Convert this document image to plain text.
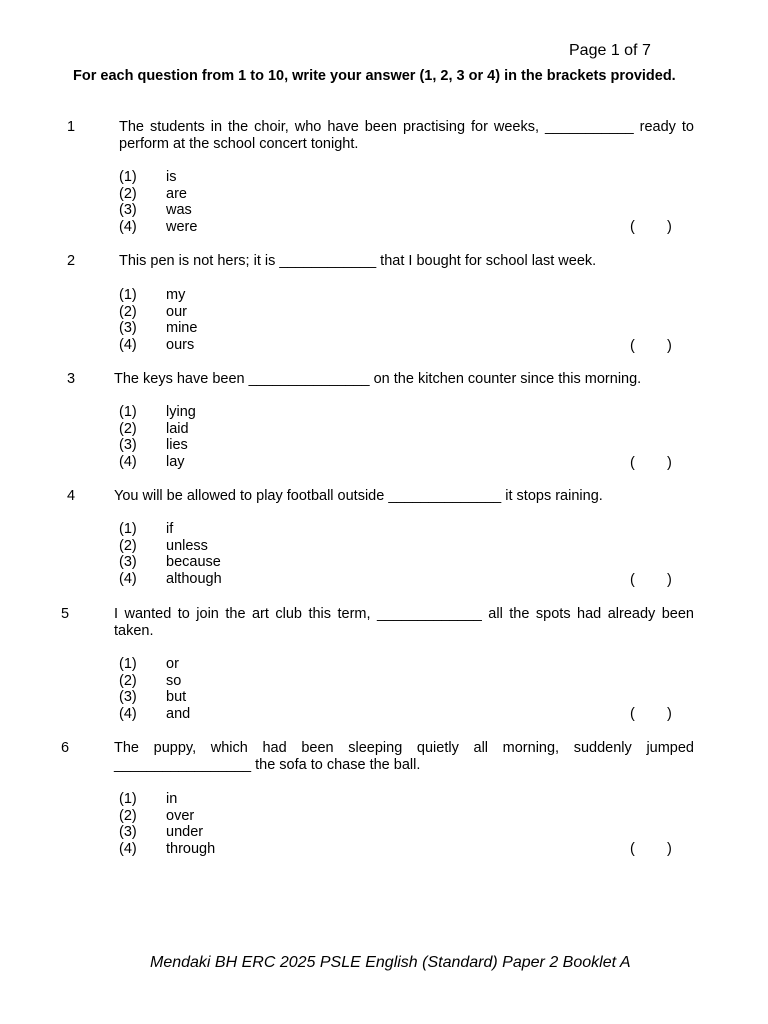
Page 1 of 7
For each question from 1 to 10, write your answer (1, 2, 3 or 4) in the brackets provided.
1	The students in the choir, who have been practising for weeks, ___________ ready to perform at the school concert tonight.
(1) is
(2) are
(3) was
(4) were	(        )
2	This pen is not hers; it is ____________ that I bought for school last week.
(1) my
(2) our
(3) mine
(4) ours	(        )
3	The keys have been _______________ on the kitchen counter since this morning.
(1) lying
(2) laid
(3) lies
(4) lay	(        )
4	You will be allowed to play football outside ______________ it stops raining.
(1) if
(2) unless
(3) because
(4) although	(        )
5	I wanted to join the art club this term, _____________ all the spots had already been taken.
(1) or
(2) so
(3) but
(4) and	(        )
6	The puppy, which had been sleeping quietly all morning, suddenly jumped _________________ the sofa to chase the ball.
(1) in
(2) over
(3) under
(4) through	(        )
Mendaki BH ERC 2025 PSLE English (Standard) Paper 2 Booklet A
